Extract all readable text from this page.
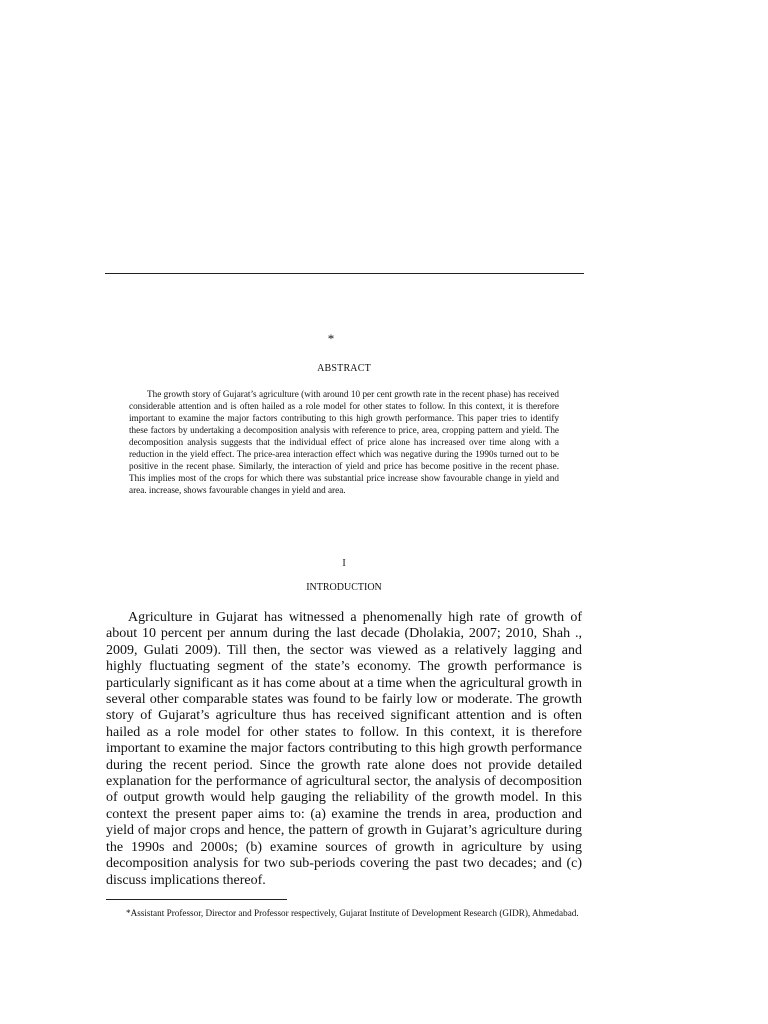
*
ABSTRACT

The growth story of Gujarat’s agriculture (with around 10 per cent growth rate in the recent phase) has received considerable attention and is often hailed as a role model for other states to follow. In this context, it is therefore important to examine the major factors contributing to this high growth performance. This paper tries to identify these factors by undertaking a decomposition analysis with reference to price, area, cropping pattern and yield. The decomposition analysis suggests that the individual effect of price alone has increased over time along with a reduction in the yield effect. The price-area interaction effect which was negative during the 1990s turned out to be positive in the recent phase. Similarly, the interaction of yield and price has become positive in the recent phase. This implies most of the crops for which there was substantial price increase show favourable change in yield and area. increase, shows favourable changes in yield and area.

I
INTRODUCTION

Agriculture in Gujarat has witnessed a phenomenally high rate of growth of about 10 percent per annum during the last decade (Dholakia, 2007; 2010, Shah ., 2009, Gulati 2009). Till then, the sector was viewed as a relatively lagging and highly fluctuating segment of the state’s economy. The growth performance is particularly significant as it has come about at a time when the agricultural growth in several other comparable states was found to be fairly low or moderate. The growth story of Gujarat’s agriculture thus has received significant attention and is often hailed as a role model for other states to follow. In this context, it is therefore important to examine the major factors contributing to this high growth performance during the recent period. Since the growth rate alone does not provide detailed explanation for the performance of agricultural sector, the analysis of decomposition of output growth would help gauging the reliability of the growth model. In this context the present paper aims to: (a) examine the trends in area, production and yield of major crops and hence, the pattern of growth in Gujarat’s agriculture during the 1990s and 2000s; (b) examine sources of growth in agriculture by using decomposition analysis for two sub-periods covering the past two decades; and (c) discuss implications thereof.

*Assistant Professor, Director and Professor respectively, Gujarat Institute of Development Research (GIDR), Ahmedabad.
